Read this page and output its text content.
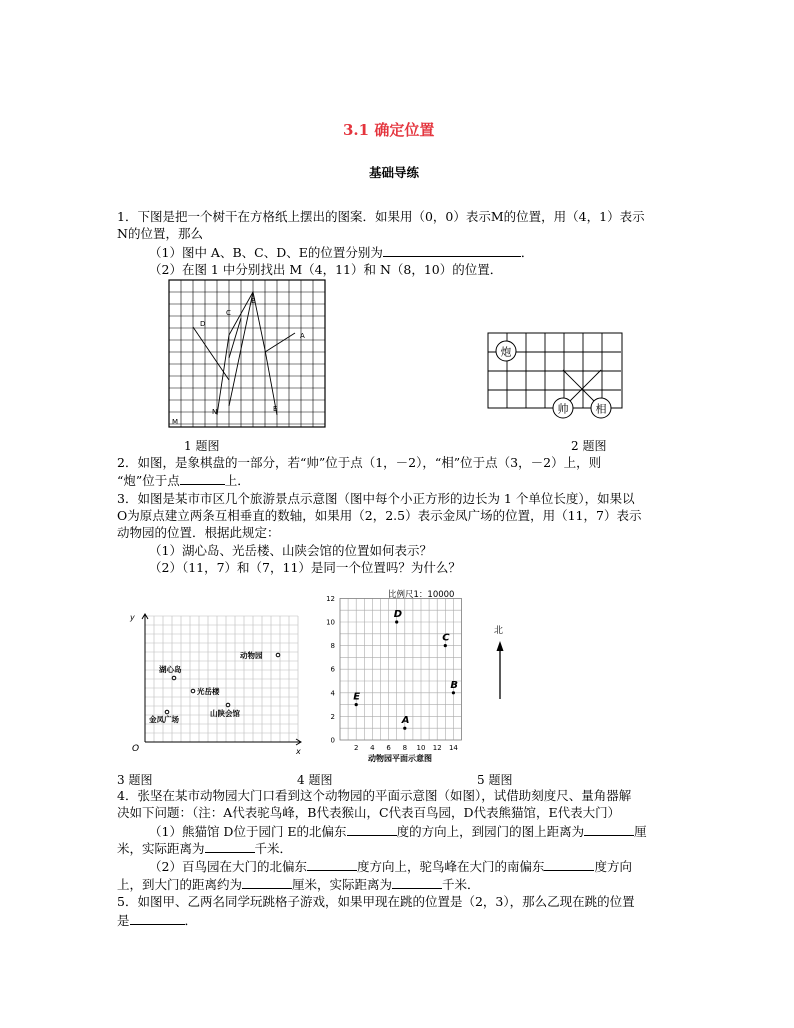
3.1 确定位置
基础导练
1．下图是把一个树干在方格纸上摆出的图案．如果用（0，0）表示M的位置，用（4，1）表示
N的位置，那么
（1）图中 A、B、C、D、E的位置分别为	．
（2）在图 1 中分别找出 M（4，11）和 N（8，10）的位置．
B
C
D
A
N	E
M
1 题图
炮
帅 相
2 题图
2．如图，是象棋盘的一部分，若“帅”位于点（1，－2），“相”位于点（3，－2）上，则
“炮”位于点	上．
3．如图是某市市区几个旅游景点示意图（图中每个小正方形的边长为 1 个单位长度），如果以
O为原点建立两条互相垂直的数轴，如果用（2，2.5）表示金凤广场的位置，用（11，7）表示
动物园的位置．根据此规定：
（1）湖心岛、光岳楼、山陕会馆的位置如何表示？
（2）（11，7）和（7，11）是同一个位置吗？为什么？
y
x
O
动物园
湖心岛
光岳楼
金凤广场
山陕会馆
比例尺1：10000
2 4 6 8 10 12 14
0
2
4
6
8
10
12
A
B
C
D
E
动物园平面示意图
北
3 题图	4 题图	5 题图
4．张坚在某市动物园大门口看到这个动物园的平面示意图（如图），试借助刻度尺、量角器解
决如下问题：（注：A代表驼鸟峰，B代表猴山，C代表百鸟园，D代表熊猫馆，E代表大门）
（1）熊猫馆 D位于园门 E的北偏东	度的方向上，到园门的图上距离为	厘
米，实际距离为	千米．
（2）百鸟园在大门的北偏东	度方向上，驼鸟峰在大门的南偏东	度方向
上，到大门的距离约为	厘米，实际距离为	千米．
5．如图甲、乙两名同学玩跳格子游戏，如果甲现在跳的位置是（2，3），那么乙现在跳的位置
是	．
